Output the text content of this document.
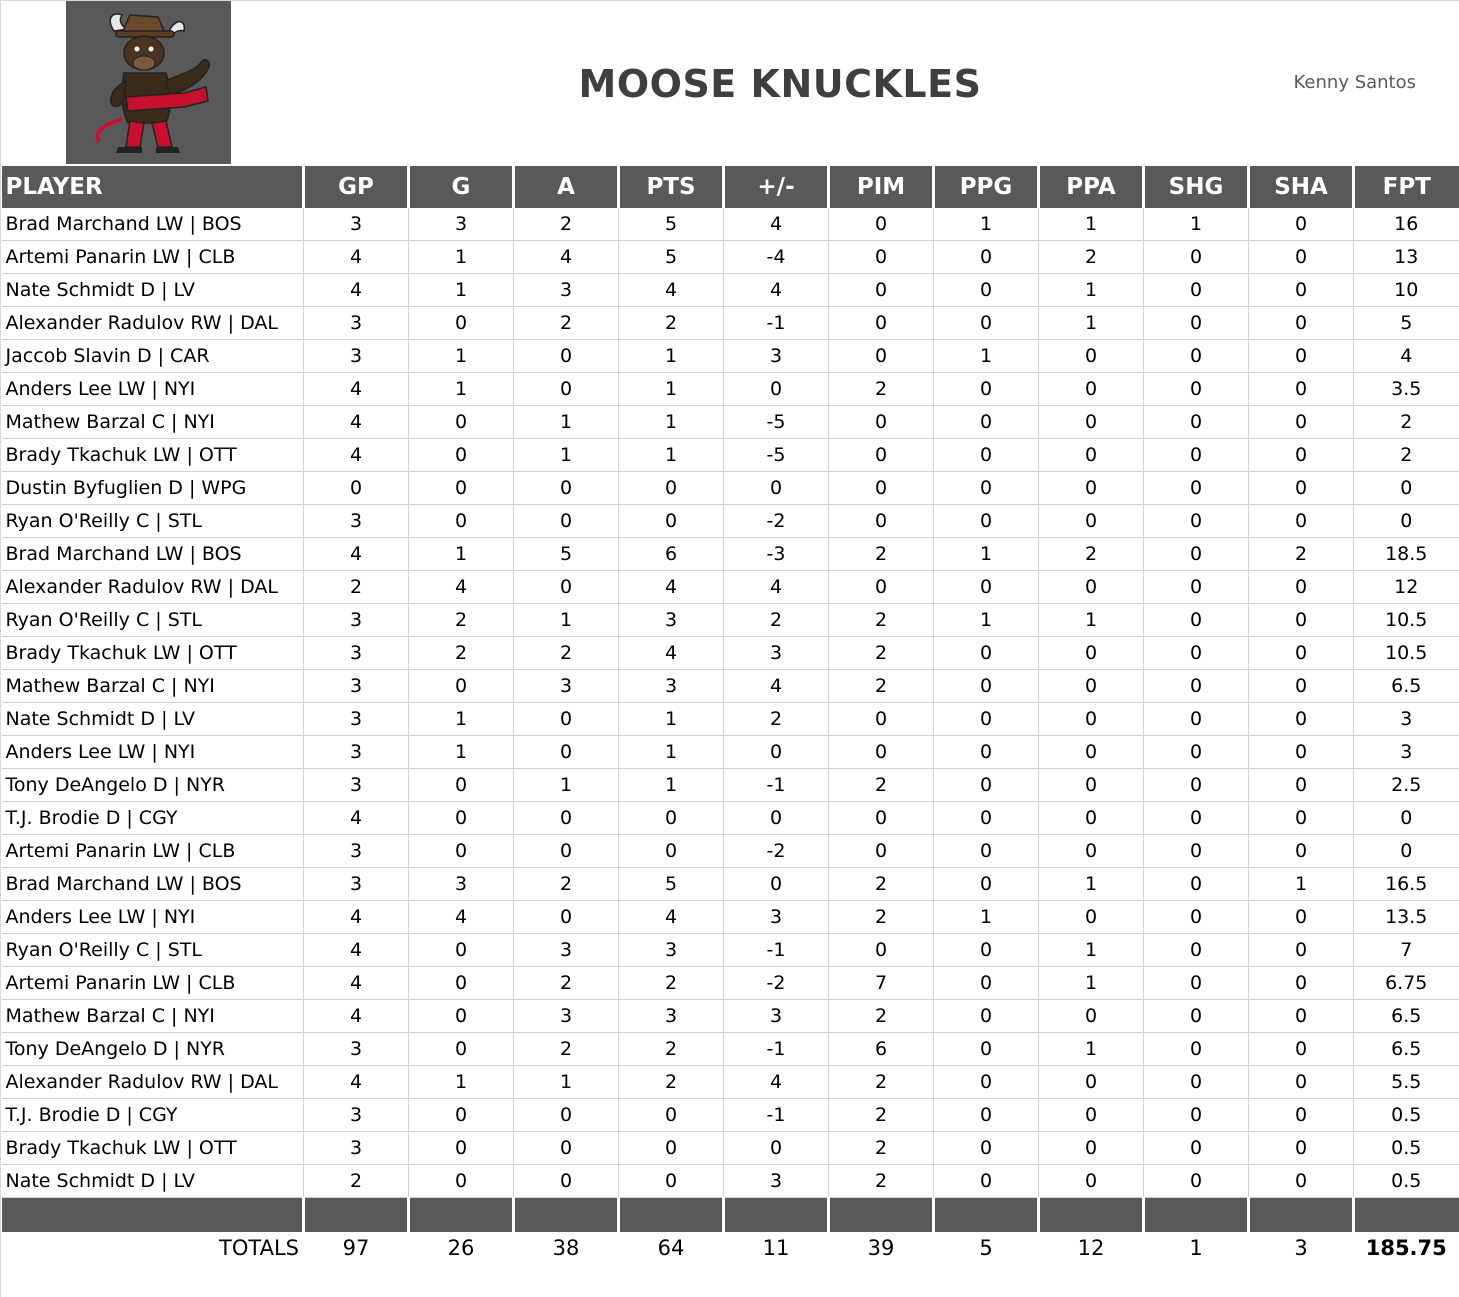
MOOSE KNUCKLES	Kenny Santos
PLAYER	GP	G	A	PTS	+/-	PIM	PPG	PPA	SHG	SHA	FPT
Brad Marchand LW | BOS	3	3	2	5	4	0	1	1	1	0	16
Artemi Panarin LW | CLB	4	1	4	5	-4	0	0	2	0	0	13
Nate Schmidt D | LV	4	1	3	4	4	0	0	1	0	0	10
Alexander Radulov RW | DAL	3	0	2	2	-1	0	0	1	0	0	5
Jaccob Slavin D | CAR	3	1	0	1	3	0	1	0	0	0	4
Anders Lee LW | NYI	4	1	0	1	0	2	0	0	0	0	3.5
Mathew Barzal C | NYI	4	0	1	1	-5	0	0	0	0	0	2
Brady Tkachuk LW | OTT	4	0	1	1	-5	0	0	0	0	0	2
Dustin Byfuglien D | WPG	0	0	0	0	0	0	0	0	0	0	0
Ryan O'Reilly C | STL	3	0	0	0	-2	0	0	0	0	0	0
Brad Marchand LW | BOS	4	1	5	6	-3	2	1	2	0	2	18.5
Alexander Radulov RW | DAL	2	4	0	4	4	0	0	0	0	0	12
Ryan O'Reilly C | STL	3	2	1	3	2	2	1	1	0	0	10.5
Brady Tkachuk LW | OTT	3	2	2	4	3	2	0	0	0	0	10.5
Mathew Barzal C | NYI	3	0	3	3	4	2	0	0	0	0	6.5
Nate Schmidt D | LV	3	1	0	1	2	0	0	0	0	0	3
Anders Lee LW | NYI	3	1	0	1	0	0	0	0	0	0	3
Tony DeAngelo D | NYR	3	0	1	1	-1	2	0	0	0	0	2.5
T.J. Brodie D | CGY	4	0	0	0	0	0	0	0	0	0	0
Artemi Panarin LW | CLB	3	0	0	0	-2	0	0	0	0	0	0
Brad Marchand LW | BOS	3	3	2	5	0	2	0	1	0	1	16.5
Anders Lee LW | NYI	4	4	0	4	3	2	1	0	0	0	13.5
Ryan O'Reilly C | STL	4	0	3	3	-1	0	0	1	0	0	7
Artemi Panarin LW | CLB	4	0	2	2	-2	7	0	1	0	0	6.75
Mathew Barzal C | NYI	4	0	3	3	3	2	0	0	0	0	6.5
Tony DeAngelo D | NYR	3	0	2	2	-1	6	0	1	0	0	6.5
Alexander Radulov RW | DAL	4	1	1	2	4	2	0	0	0	0	5.5
T.J. Brodie D | CGY	3	0	0	0	-1	2	0	0	0	0	0.5
Brady Tkachuk LW | OTT	3	0	0	0	0	2	0	0	0	0	0.5
Nate Schmidt D | LV	2	0	0	0	3	2	0	0	0	0	0.5

TOTALS	97	26	38	64	11	39	5	12	1	3	185.75
